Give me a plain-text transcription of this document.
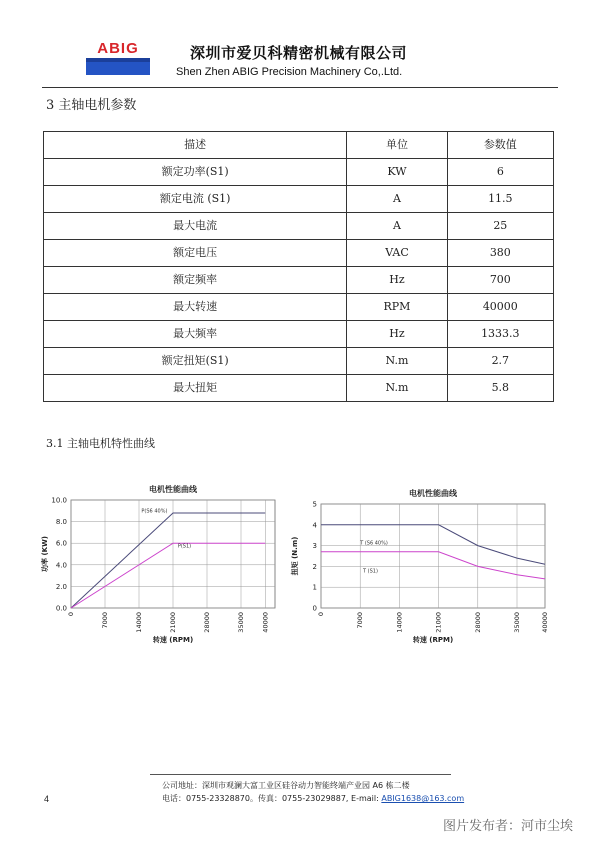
ABIG	深圳市爱贝科精密机械有限公司
Shen Zhen ABIG Precision Machinery Co,.Ltd.
3 主轴电机参数
描述	单位	参数值
额定功率(S1)	KW	6
额定电流 (S1)	A	11.5
最大电流	A	25
额定电压	VAC	380
额定频率	Hz	700
最大转速	RPM	40000
最大频率	Hz	1333.3
额定扭矩(S1)	N.m	2.7
最大扭矩	N.m	5.8
3.1 主轴电机特性曲线
电机性能曲线
0.0
2.0
4.0
6.0
8.0
10.0
0	7000	14000	21000	28000	35000	40000
P(S6 40%)
P(S1)
转速 (RPM)
功率 (KW)
电机性能曲线
0
1
2
3
4
5
0	7000	14000	21000	28000	35000	40000
T (S6 40%)
T (S1)
转速 (RPM)
扭矩 (N.m)
公司地址：深圳市观澜大富工业区硅谷动力智能终端产业园 A6 栋二楼
电话：0755-23328870。传真：0755-23029887, E-mail: ABIG1638@163.com
4
图片发布者：河市尘埃
